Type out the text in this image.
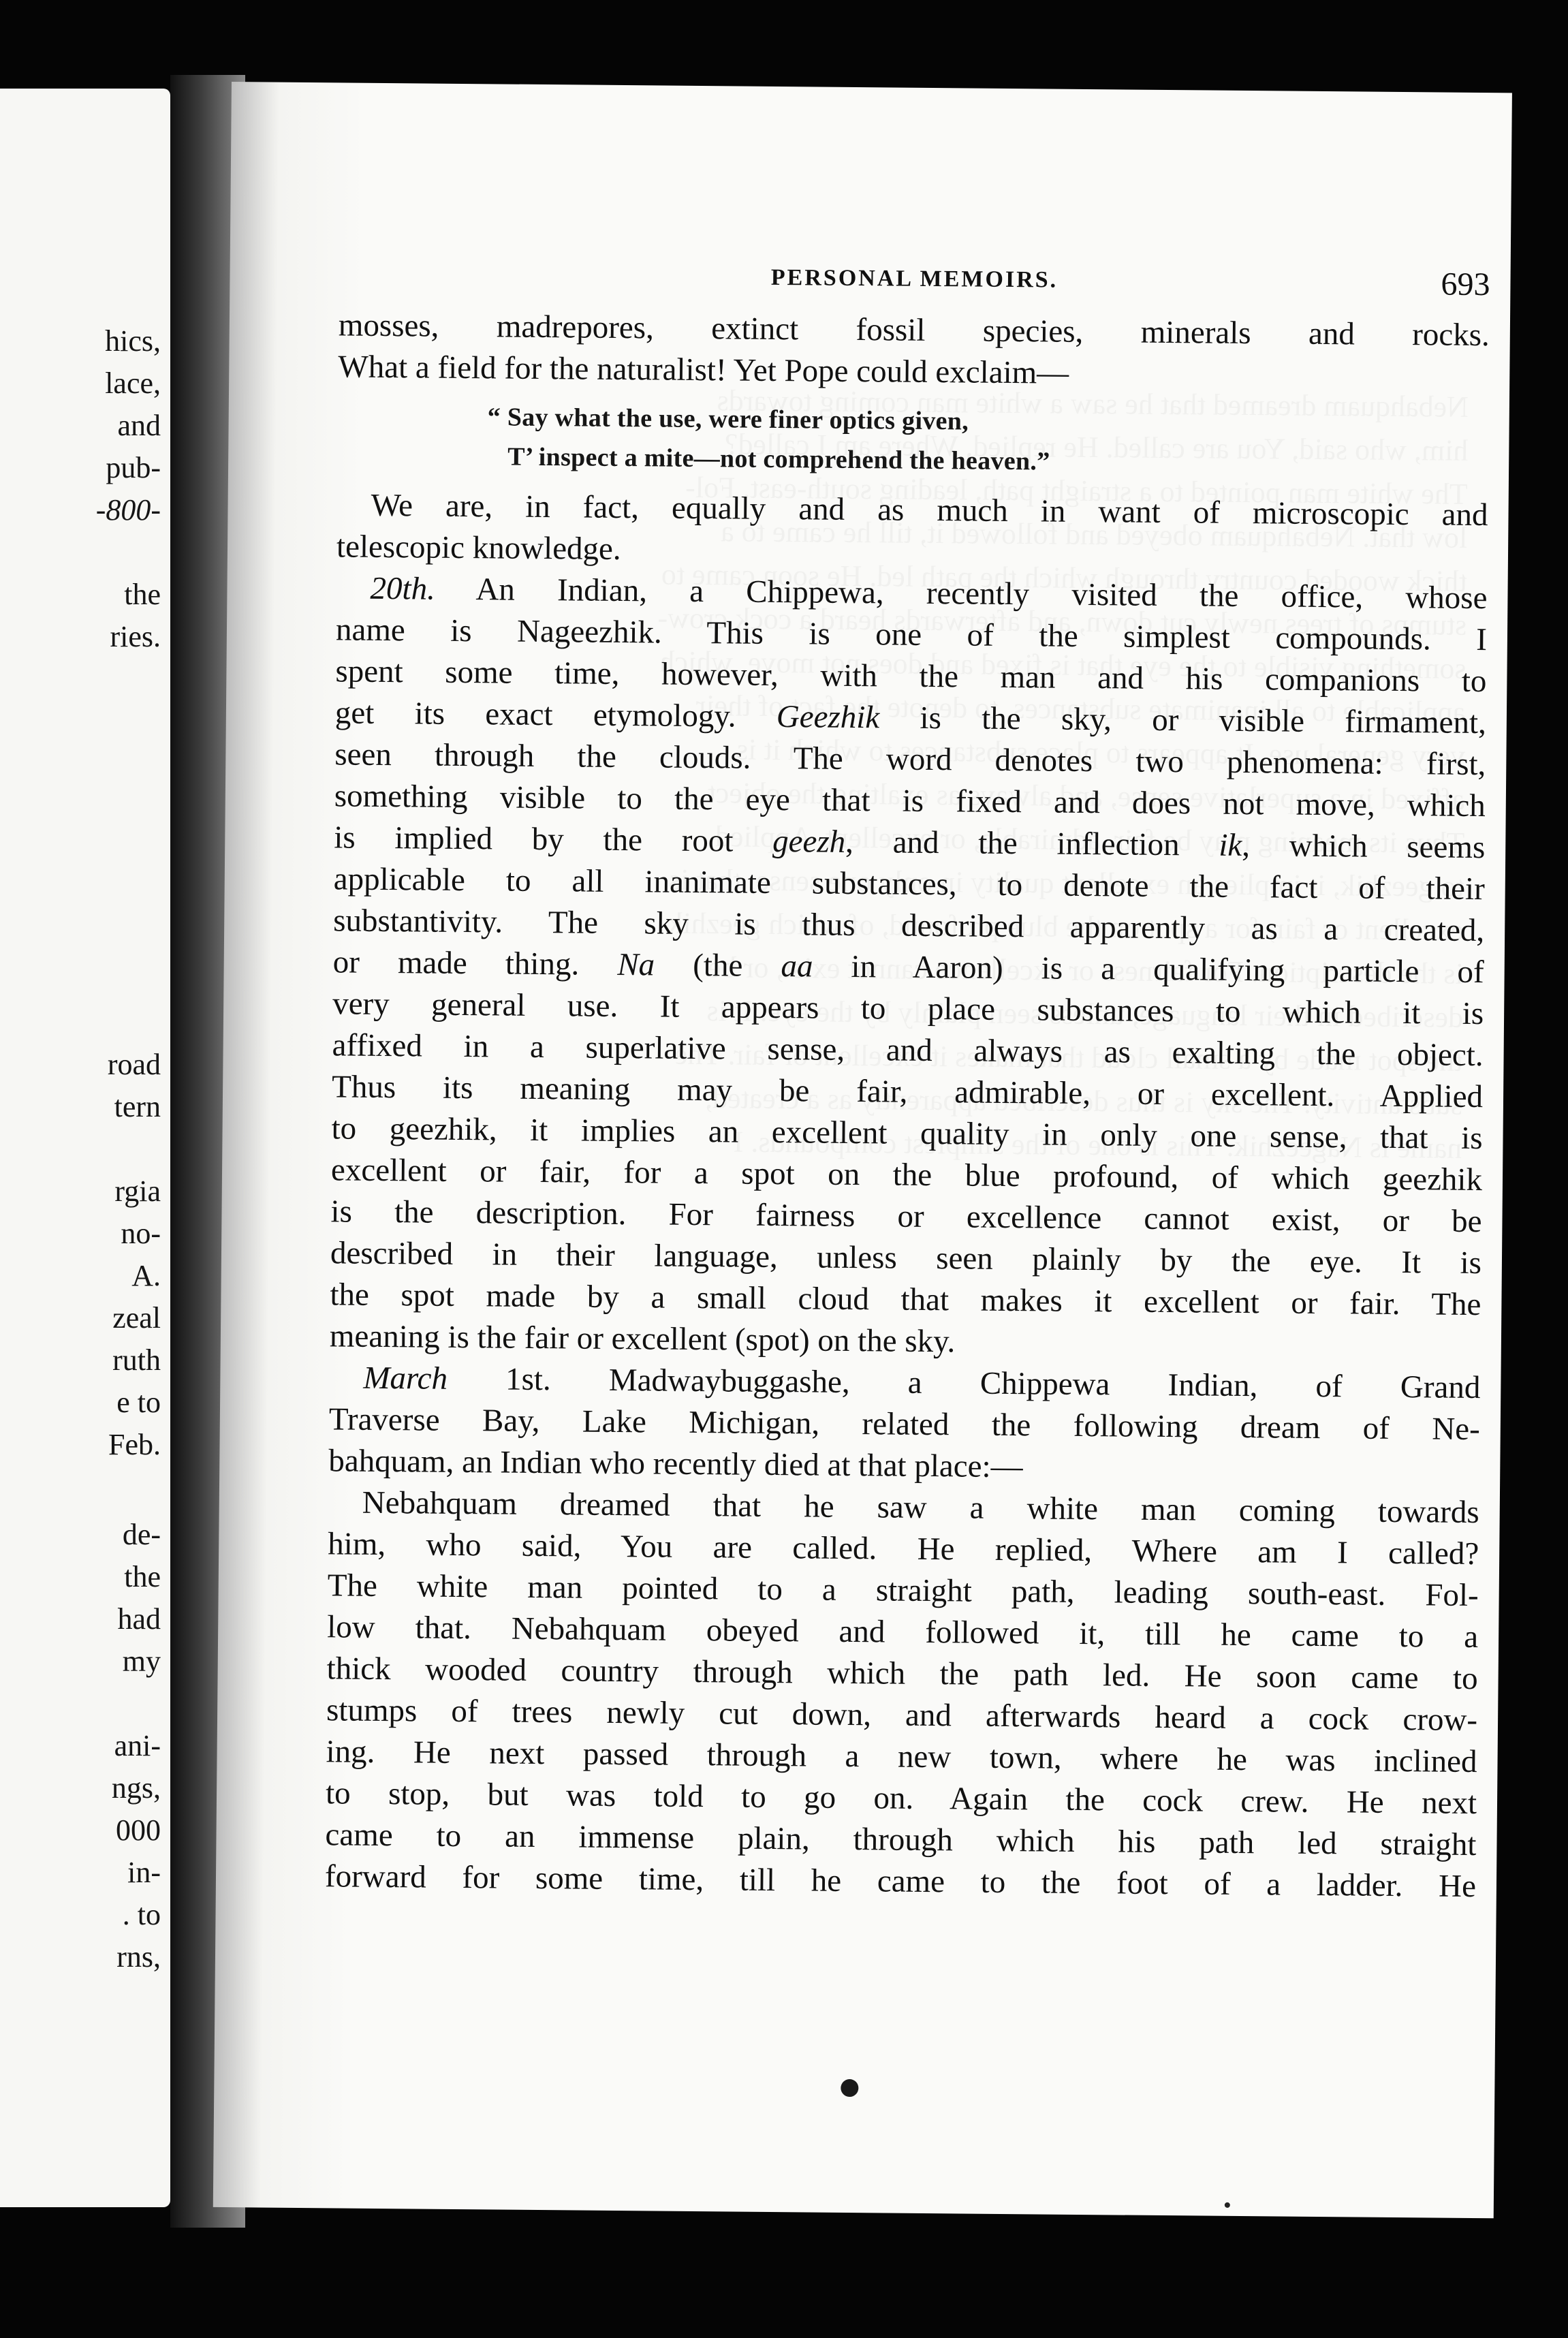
hics,

lace,

and

pub-

-800-

the

ries.

road

tern

rgia

no-

A.

zeal

ruth

e to

Feb.

de-

the

had

my

ani-

ngs,

000

in-

. to

rns,

PERSONAL MEMOIRS.	693

mosses, madrepores, extinct fossil species, minerals and rocks.

What a field for the naturalist! Yet Pope could exclaim—

“ Say what the use, were finer optics given,

T’ inspect a mite—not comprehend the heaven.”

We are, in fact, equally and as much in want of microscopic and

telescopic knowledge.

20th. An Indian, a Chippewa, recently visited the office, whose

name is Nageezhik. This is one of the simplest compounds. I

spent some time, however, with the man and his companions to

get its exact etymology. Geezhik is the sky, or visible firmament,

seen through the clouds. The word denotes two phenomena: first,

something visible to the eye that is fixed and does not move, which

is implied by the root geezh, and the inflection ik, which seems

applicable to all inanimate substances, to denote the fact of their

substantivity. The sky is thus described apparently as a created,

or made thing. Na (the aa in Aaron) is a qualifying particle of

very general use. It appears to place substances to which it is

affixed in a superlative sense, and always as exalting the object.

Thus its meaning may be fair, admirable, or excellent. Applied

to geezhik, it implies an excellent quality in only one sense, that is

excellent or fair, for a spot on the blue profound, of which geezhik

is the description. For fairness or excellence cannot exist, or be

described in their language, unless seen plainly by the eye. It is

the spot made by a small cloud that makes it excellent or fair. The

meaning is the fair or excellent (spot) on the sky.

March 1st. Madwaybuggashe, a Chippewa Indian, of Grand

Traverse Bay, Lake Michigan, related the following dream of Ne-

bahquam, an Indian who recently died at that place:—

Nebahquam dreamed that he saw a white man coming towards

him, who said, You are called. He replied, Where am I called?

The white man pointed to a straight path, leading south-east. Fol-

low that. Nebahquam obeyed and followed it, till he came to a

thick wooded country through which the path led. He soon came to

stumps of trees newly cut down, and afterwards heard a cock crow-

ing. He next passed through a new town, where he was inclined

to stop, but was told to go on. Again the cock crew. He next

came to an immense plain, through which his path led straight

forward for some time, till he came to the foot of a ladder. He
